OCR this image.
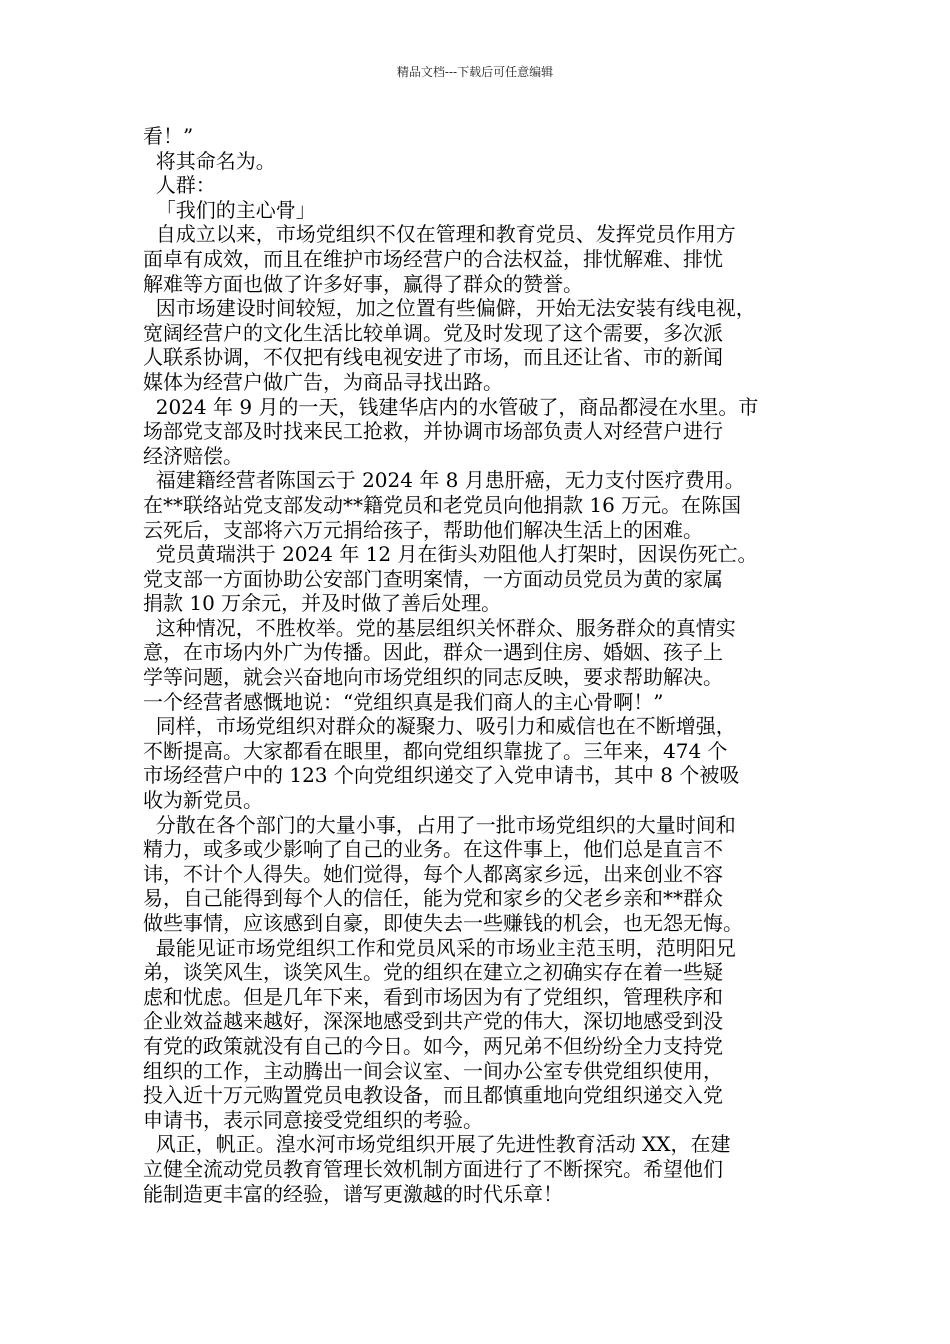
精品文档---下载后可任意编辑
看！”
将其命名为。
人群：
「我们的主心骨」
自成立以来，市场党组织不仅在管理和教育党员、发挥党员作用方
面卓有成效，而且在维护市场经营户的合法权益，排忧解难、排忧
解难等方面也做了许多好事，赢得了群众的赞誉。
因市场建设时间较短，加之位置有些偏僻，开始无法安装有线电视，
宽阔经营户的文化生活比较单调。党及时发现了这个需要，多次派
人联系协调，不仅把有线电视安进了市场，而且还让省、市的新闻
媒体为经营户做广告，为商品寻找出路。
2024 年 9 月的一天，钱建华店内的水管破了，商品都浸在水里。市
场部党支部及时找来民工抢救，并协调市场部负责人对经营户进行
经济赔偿。
福建籍经营者陈国云于 2024 年 8 月患肝癌，无力支付医疗费用。
在**联络站党支部发动**籍党员和老党员向他捐款 16 万元。在陈国
云死后，支部将六万元捐给孩子，帮助他们解决生活上的困难。
党员黄瑞洪于 2024 年 12 月在街头劝阻他人打架时，因误伤死亡。
党支部一方面协助公安部门查明案情，一方面动员党员为黄的家属
捐款 10 万余元，并及时做了善后处理。
这种情况，不胜枚举。党的基层组织关怀群众、服务群众的真情实
意，在市场内外广为传播。因此，群众一遇到住房、婚姻、孩子上
学等问题，就会兴奋地向市场党组织的同志反映，要求帮助解决。
一个经营者感慨地说：“党组织真是我们商人的主心骨啊！”
同样，市场党组织对群众的凝聚力、吸引力和威信也在不断增强，
不断提高。大家都看在眼里，都向党组织靠拢了。三年来，474 个
市场经营户中的 123 个向党组织递交了入党申请书，其中 8 个被吸
收为新党员。
分散在各个部门的大量小事，占用了一批市场党组织的大量时间和
精力，或多或少影响了自己的业务。在这件事上，他们总是直言不
讳，不计个人得失。她们觉得，每个人都离家乡远，出来创业不容
易，自己能得到每个人的信任，能为党和家乡的父老乡亲和**群众
做些事情，应该感到自豪，即使失去一些赚钱的机会，也无怨无悔。
最能见证市场党组织工作和党员风采的市场业主范玉明，范明阳兄
弟，谈笑风生，谈笑风生。党的组织在建立之初确实存在着一些疑
虑和忧虑。但是几年下来，看到市场因为有了党组织，管理秩序和
企业效益越来越好，深深地感受到共产党的伟大，深切地感受到没
有党的政策就没有自己的今日。如今，两兄弟不但纷纷全力支持党
组织的工作，主动腾出一间会议室、一间办公室专供党组织使用，
投入近十万元购置党员电教设备，而且都慎重地向党组织递交入党
申请书，表示同意接受党组织的考验。
风正，帆正。湟水河市场党组织开展了先进性教育活动 XX，在建
立健全流动党员教育管理长效机制方面进行了不断探究。希望他们
能制造更丰富的经验，谱写更激越的时代乐章！
